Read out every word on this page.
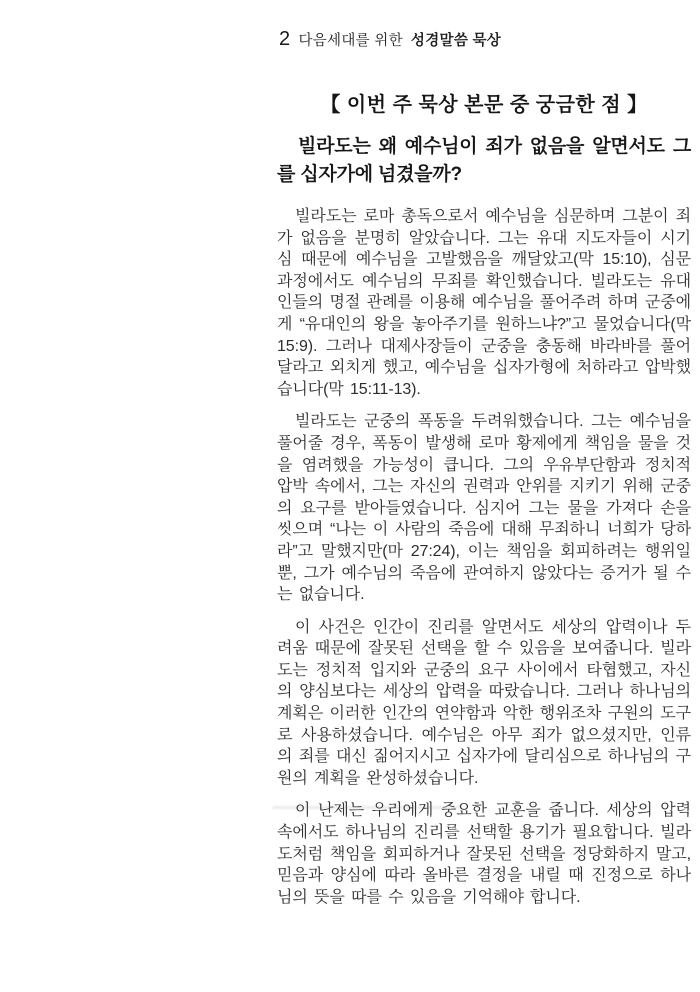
2 다음세대를 위한 성경말씀 묵상
【 이번 주 묵상 본문 중 궁금한 점 】
빌라도는 왜 예수님이 죄가 없음을 알면서도 그를 십자가에 넘겼을까?

빌라도는 로마 총독으로서 예수님을 심문하며 그분이 죄가 없음을 분명히 알았습니다. 그는 유대 지도자들이 시기심 때문에 예수님을 고발했음을 깨달았고(막 15:10), 심문 과정에서도 예수님의 무죄를 확인했습니다. 빌라도는 유대인들의 명절 관례를 이용해 예수님을 풀어주려 하며 군중에게 “유대인의 왕을 놓아주기를 원하느냐?”고 물었습니다(막 15:9). 그러나 대제사장들이 군중을 충동해 바라바를 풀어달라고 외치게 했고, 예수님을 십자가형에 처하라고 압박했습니다(막 15:11-13).

빌라도는 군중의 폭동을 두려워했습니다. 그는 예수님을 풀어줄 경우, 폭동이 발생해 로마 황제에게 책임을 물을 것을 염려했을 가능성이 큽니다. 그의 우유부단함과 정치적 압박 속에서, 그는 자신의 권력과 안위를 지키기 위해 군중의 요구를 받아들였습니다. 심지어 그는 물을 가져다 손을 씻으며 “나는 이 사람의 죽음에 대해 무죄하니 너희가 당하라”고 말했지만(마 27:24), 이는 책임을 회피하려는 행위일 뿐, 그가 예수님의 죽음에 관여하지 않았다는 증거가 될 수는 없습니다.

이 사건은 인간이 진리를 알면서도 세상의 압력이나 두려움 때문에 잘못된 선택을 할 수 있음을 보여줍니다. 빌라도는 정치적 입지와 군중의 요구 사이에서 타협했고, 자신의 양심보다는 세상의 압력을 따랐습니다. 그러나 하나님의 계획은 이러한 인간의 연약함과 악한 행위조차 구원의 도구로 사용하셨습니다. 예수님은 아무 죄가 없으셨지만, 인류의 죄를 대신 짊어지시고 십자가에 달리심으로 하나님의 구원의 계획을 완성하셨습니다.

이 난제는 우리에게 중요한 교훈을 줍니다. 세상의 압력 속에서도 하나님의 진리를 선택할 용기가 필요합니다. 빌라도처럼 책임을 회피하거나 잘못된 선택을 정당화하지 말고, 믿음과 양심에 따라 올바른 결정을 내릴 때 진정으로 하나님의 뜻을 따를 수 있음을 기억해야 합니다.
